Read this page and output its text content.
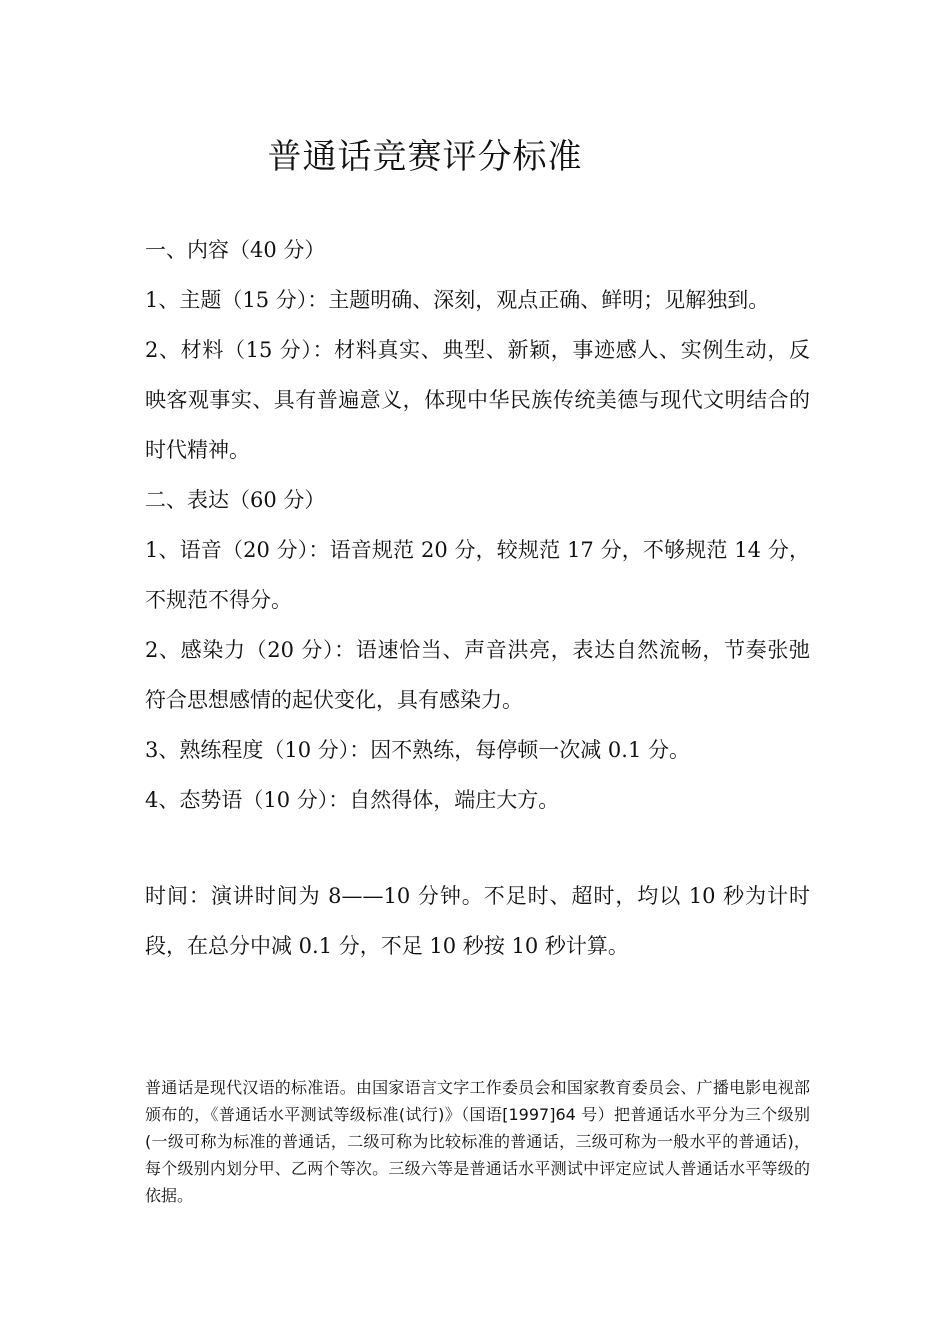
普通话竞赛评分标准

一、内容（40 分）

1、主题（15 分）：主题明确、深刻，观点正确、鲜明；见解独到。

2、材料（15 分）：材料真实、典型、新颖，事迹感人、实例生动，反映客观事实、具有普遍意义，体现中华民族传统美德与现代文明结合的时代精神。

二、表达（60 分）

1、语音（20 分）：语音规范 20 分，较规范 17 分，不够规范 14 分，不规范不得分。

2、感染力（20 分）：语速恰当、声音洪亮，表达自然流畅，节奏张弛符合思想感情的起伏变化，具有感染力。

3、熟练程度（10 分）：因不熟练，每停顿一次减 0.1 分。

4、态势语（10 分）：自然得体，端庄大方。

时间：演讲时间为 8——10 分钟。不足时、超时，均以 10 秒为计时段，在总分中减 0.1 分，不足 10 秒按 10 秒计算。

普通话是现代汉语的标准语。由国家语言文字工作委员会和国家教育委员会、广播电影电视部颁布的，《普通话水平测试等级标准(试行)》（国语[1997]64 号）把普通话水平分为三个级别(一级可称为标准的普通话，二级可称为比较标准的普通话，三级可称为一般水平的普通话)，每个级别内划分甲、乙两个等次。三级六等是普通话水平测试中评定应试人普通话水平等级的依据。
